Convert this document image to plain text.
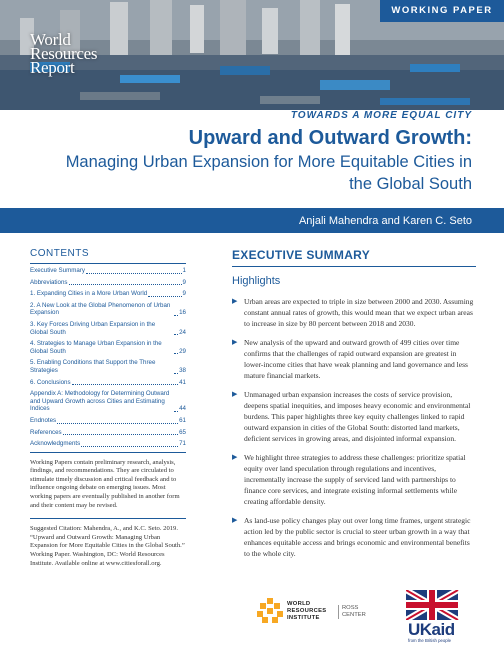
WORKING PAPER
World
Resources
Report
TOWARDS A MORE EQUAL CITY
Upward and Outward Growth:
Managing Urban Expansion for More Equitable Cities in the Global South
Anjali Mahendra and Karen C. Seto
CONTENTS
Executive Summary	1
Abbreviations	9
1. Expanding Cities in a More Urban World	9
2. A New Look at the Global Phenomenon of Urban Expansion	16
3. Key Forces Driving Urban Expansion in the Global South	24
4. Strategies to Manage Urban Expansion in the Global South	29
5. Enabling Conditions that Support the Three Strategies	38
6. Conclusions	41
Appendix A: Methodology for Determining Outward and Upward Growth across Cities and Estimating Indices	44
Endnotes	61
References	65
Acknowledgments	71
Working Papers contain preliminary research, analysis, findings, and recommendations. They are circulated to stimulate timely discussion and critical feedback and to influence ongoing debate on emerging issues. Most working papers are eventually published in another form and their content may be revised.
Suggested Citation: Mahendra, A., and K.C. Seto. 2019. “Upward and Outward Growth: Managing Urban Expansion for More Equitable Cities in the Global South.” Working Paper. Washington, DC: World Resources Institute. Available online at www.citiesforall.org.
EXECUTIVE SUMMARY
Highlights
▶ Urban areas are expected to triple in size between 2000 and 2030. Assuming constant annual rates of growth, this would mean that we expect urban areas to increase in size by 80 percent between 2018 and 2030.
▶ New analysis of the upward and outward growth of 499 cities over time confirms that the challenges of rapid outward expansion are greatest in lower-income cities that have weak planning and land governance and less mature financial markets.
▶ Unmanaged urban expansion increases the costs of service provision, deepens spatial inequities, and imposes heavy economic and environmental burdens. This paper highlights three key equity challenges linked to rapid outward expansion in cities of the Global South: distorted land markets, deficient services in growing areas, and disjointed informal expansion.
▶ We highlight three strategies to address these challenges: prioritize spatial equity over land speculation through regulations and incentives, incrementally increase the supply of serviced land with partnerships to finance core services, and integrate existing informal settlements while creating affordable density.
▶ As land-use policy changes play out over long time frames, urgent strategic action led by the public sector is crucial to steer urban growth in a way that enhances equitable access and brings economic and environmental benefits to the whole city.
WORLD
RESOURCES
INSTITUTE
ROSS
CENTER
UKaid
from the British people
